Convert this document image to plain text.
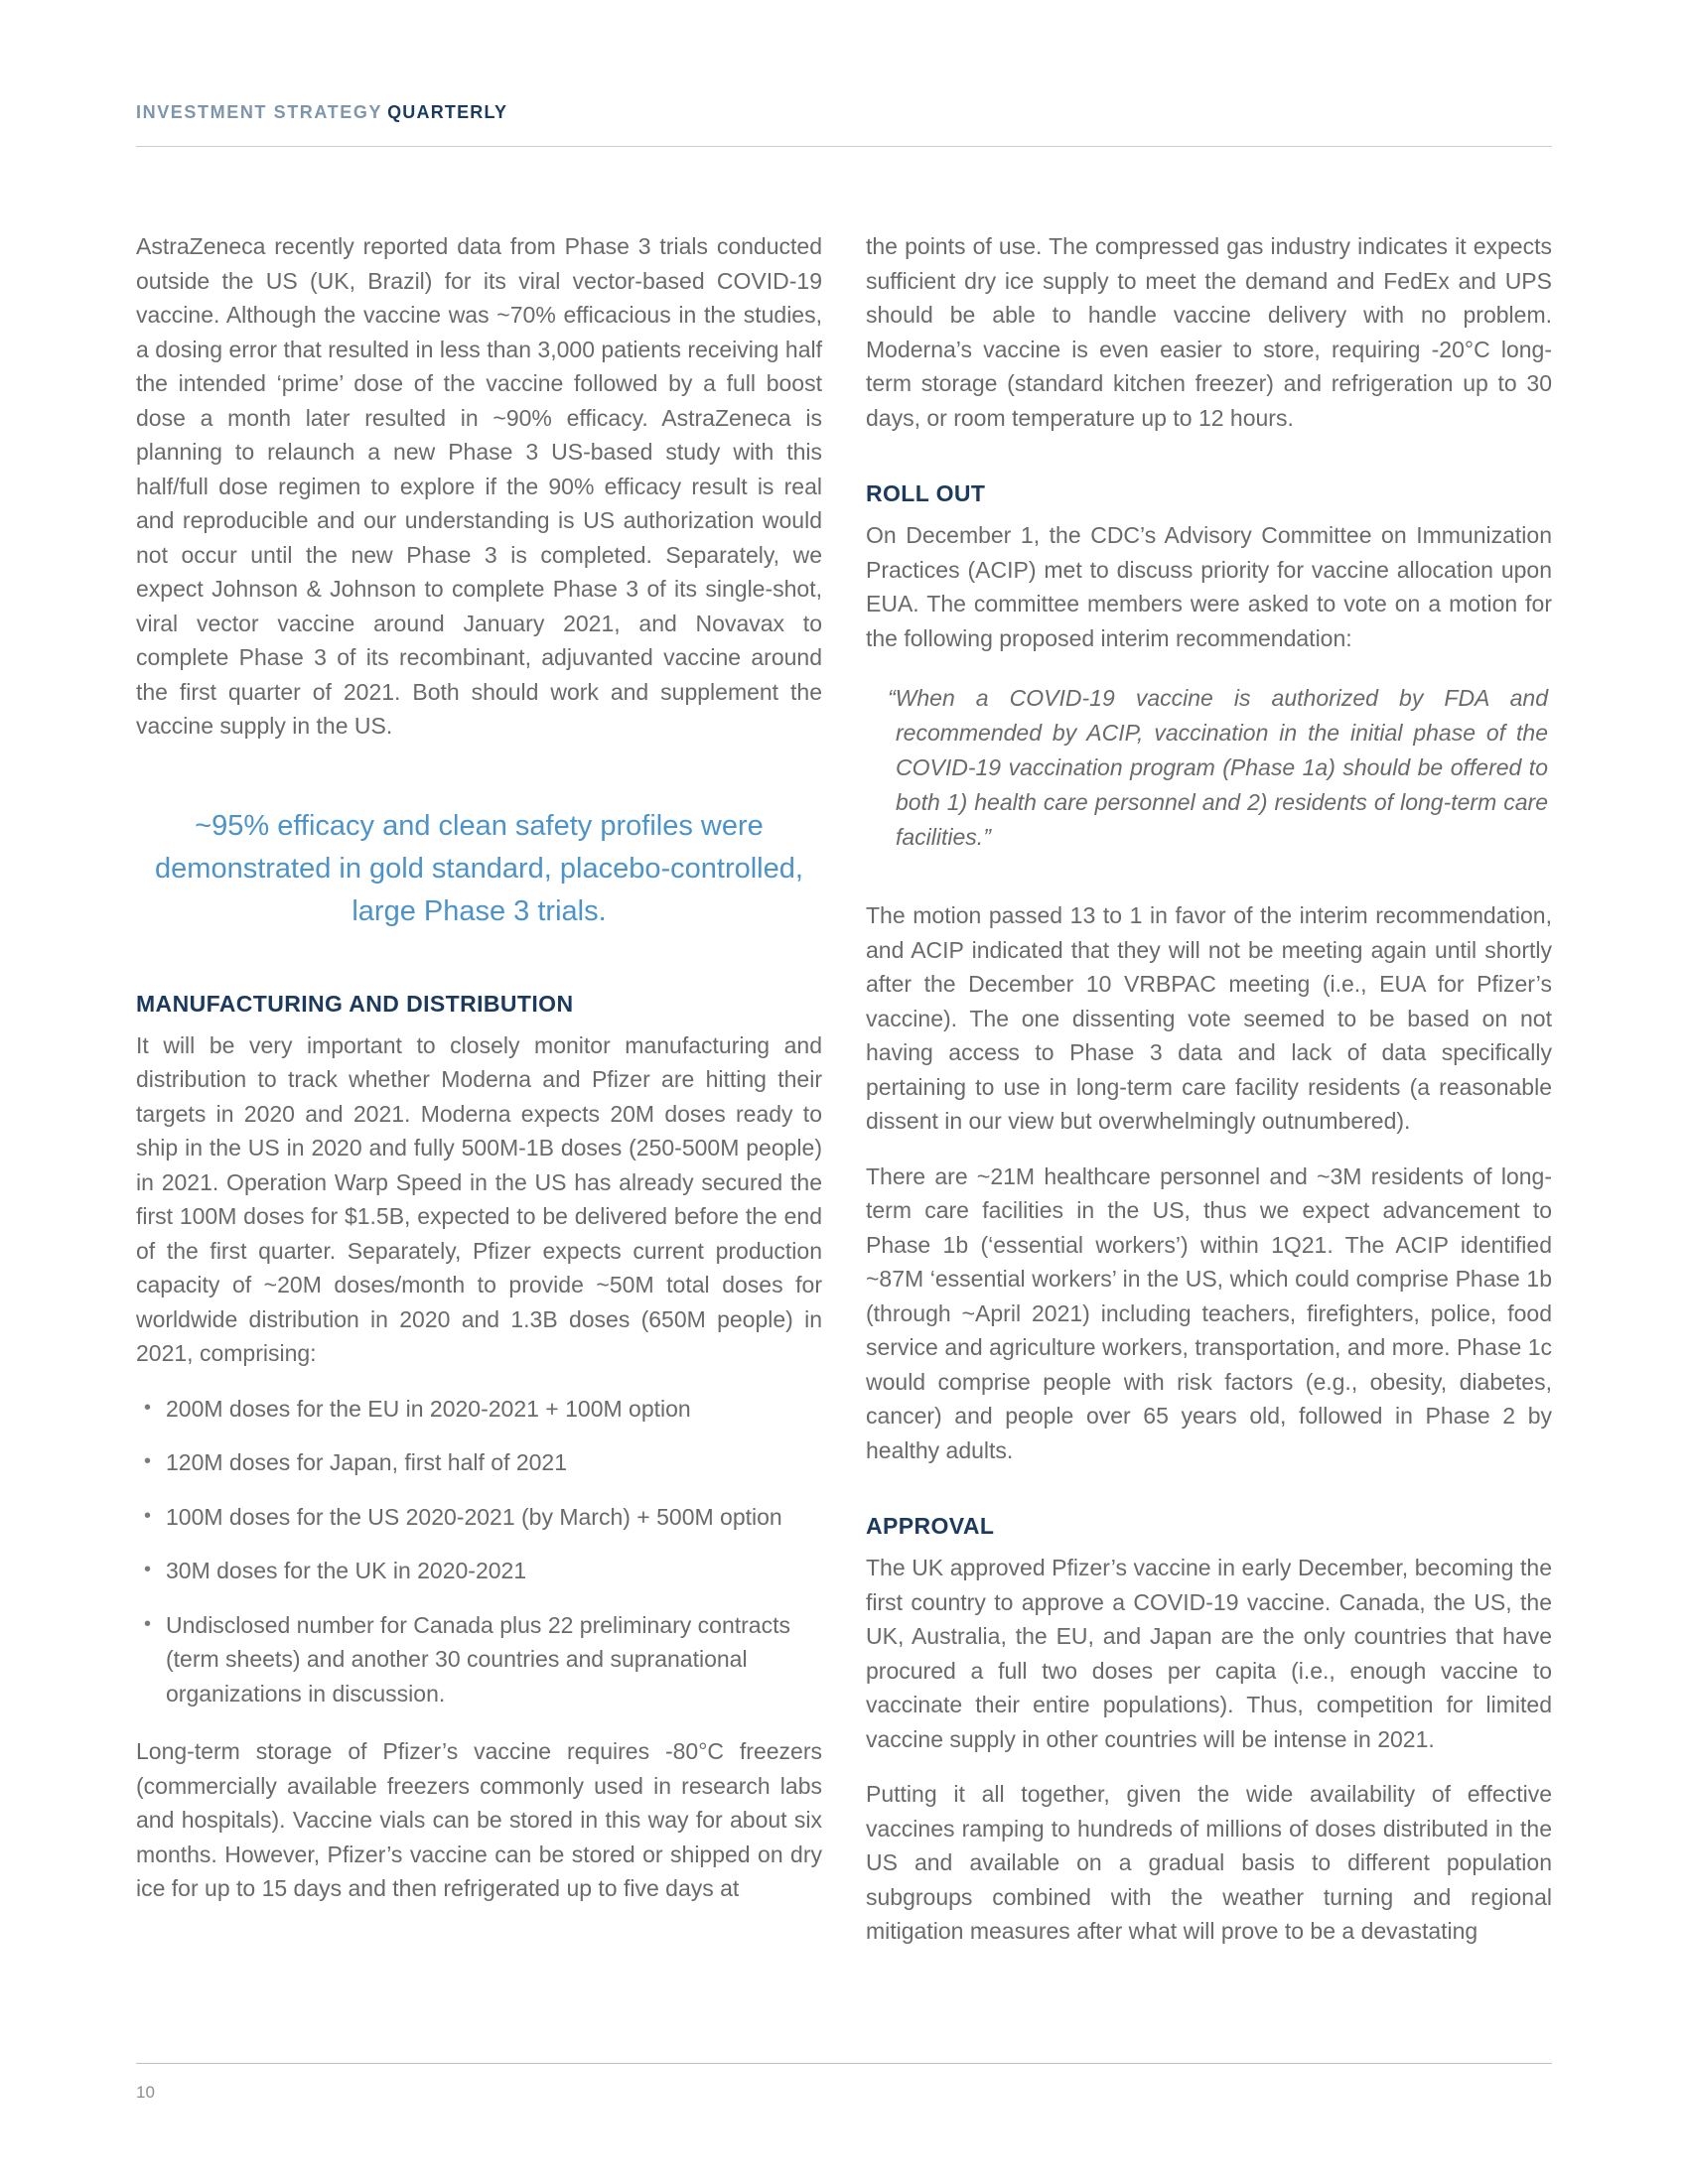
INVESTMENT STRATEGY QUARTERLY

AstraZeneca recently reported data from Phase 3 trials conducted outside the US (UK, Brazil) for its viral vector-based COVID-19 vaccine. Although the vaccine was ~70% efficacious in the studies, a dosing error that resulted in less than 3,000 patients receiving half the intended ‘prime’ dose of the vaccine followed by a full boost dose a month later resulted in ~90% efficacy. AstraZeneca is planning to relaunch a new Phase 3 US-based study with this half/full dose regimen to explore if the 90% efficacy result is real and reproducible and our understanding is US authorization would not occur until the new Phase 3 is completed. Separately, we expect Johnson & Johnson to complete Phase 3 of its single-shot, viral vector vaccine around January 2021, and Novavax to complete Phase 3 of its recombinant, adjuvanted vaccine around the first quarter of 2021. Both should work and supplement the vaccine supply in the US.

~95% efficacy and clean safety profiles were demonstrated in gold standard, placebo-controlled, large Phase 3 trials.
MANUFACTURING AND DISTRIBUTION

It will be very important to closely monitor manufacturing and distribution to track whether Moderna and Pfizer are hitting their targets in 2020 and 2021. Moderna expects 20M doses ready to ship in the US in 2020 and fully 500M-1B doses (250-500M people) in 2021. Operation Warp Speed in the US has already secured the first 100M doses for $1.5B, expected to be delivered before the end of the first quarter. Separately, Pfizer expects current production capacity of ~20M doses/month to provide ~50M total doses for worldwide distribution in 2020 and 1.3B doses (650M people) in 2021, comprising:

• 200M doses for the EU in 2020-2021 + 100M option
• 120M doses for Japan, first half of 2021
• 100M doses for the US 2020-2021 (by March) + 500M option
• 30M doses for the UK in 2020-2021
• Undisclosed number for Canada plus 22 preliminary contracts (term sheets) and another 30 countries and supranational organizations in discussion.

Long-term storage of Pfizer’s vaccine requires -80°C freezers (commercially available freezers commonly used in research labs and hospitals). Vaccine vials can be stored in this way for about six months. However, Pfizer’s vaccine can be stored or shipped on dry ice for up to 15 days and then refrigerated up to five days at

the points of use. The compressed gas industry indicates it expects sufficient dry ice supply to meet the demand and FedEx and UPS should be able to handle vaccine delivery with no problem. Moderna’s vaccine is even easier to store, requiring -20°C long-term storage (standard kitchen freezer) and refrigeration up to 30 days, or room temperature up to 12 hours.

ROLL OUT

On December 1, the CDC’s Advisory Committee on Immunization Practices (ACIP) met to discuss priority for vaccine allocation upon EUA. The committee members were asked to vote on a motion for the following proposed interim recommendation:

“When a COVID-19 vaccine is authorized by FDA and recommended by ACIP, vaccination in the initial phase of the COVID-19 vaccination program (Phase 1a) should be offered to both 1) health care personnel and 2) residents of long-term care facilities.”

The motion passed 13 to 1 in favor of the interim recommendation, and ACIP indicated that they will not be meeting again until shortly after the December 10 VRBPAC meeting (i.e., EUA for Pfizer’s vaccine). The one dissenting vote seemed to be based on not having access to Phase 3 data and lack of data specifically pertaining to use in long-term care facility residents (a reasonable dissent in our view but overwhelmingly outnumbered).

There are ~21M healthcare personnel and ~3M residents of long-term care facilities in the US, thus we expect advancement to Phase 1b (‘essential workers’) within 1Q21. The ACIP identified ~87M ‘essential workers’ in the US, which could comprise Phase 1b (through ~April 2021) including teachers, firefighters, police, food service and agriculture workers, transportation, and more. Phase 1c would comprise people with risk factors (e.g., obesity, diabetes, cancer) and people over 65 years old, followed in Phase 2 by healthy adults.

APPROVAL

The UK approved Pfizer’s vaccine in early December, becoming the first country to approve a COVID-19 vaccine. Canada, the US, the UK, Australia, the EU, and Japan are the only countries that have procured a full two doses per capita (i.e., enough vaccine to vaccinate their entire populations). Thus, competition for limited vaccine supply in other countries will be intense in 2021.

Putting it all together, given the wide availability of effective vaccines ramping to hundreds of millions of doses distributed in the US and available on a gradual basis to different population subgroups combined with the weather turning and regional mitigation measures after what will prove to be a devastating

10
